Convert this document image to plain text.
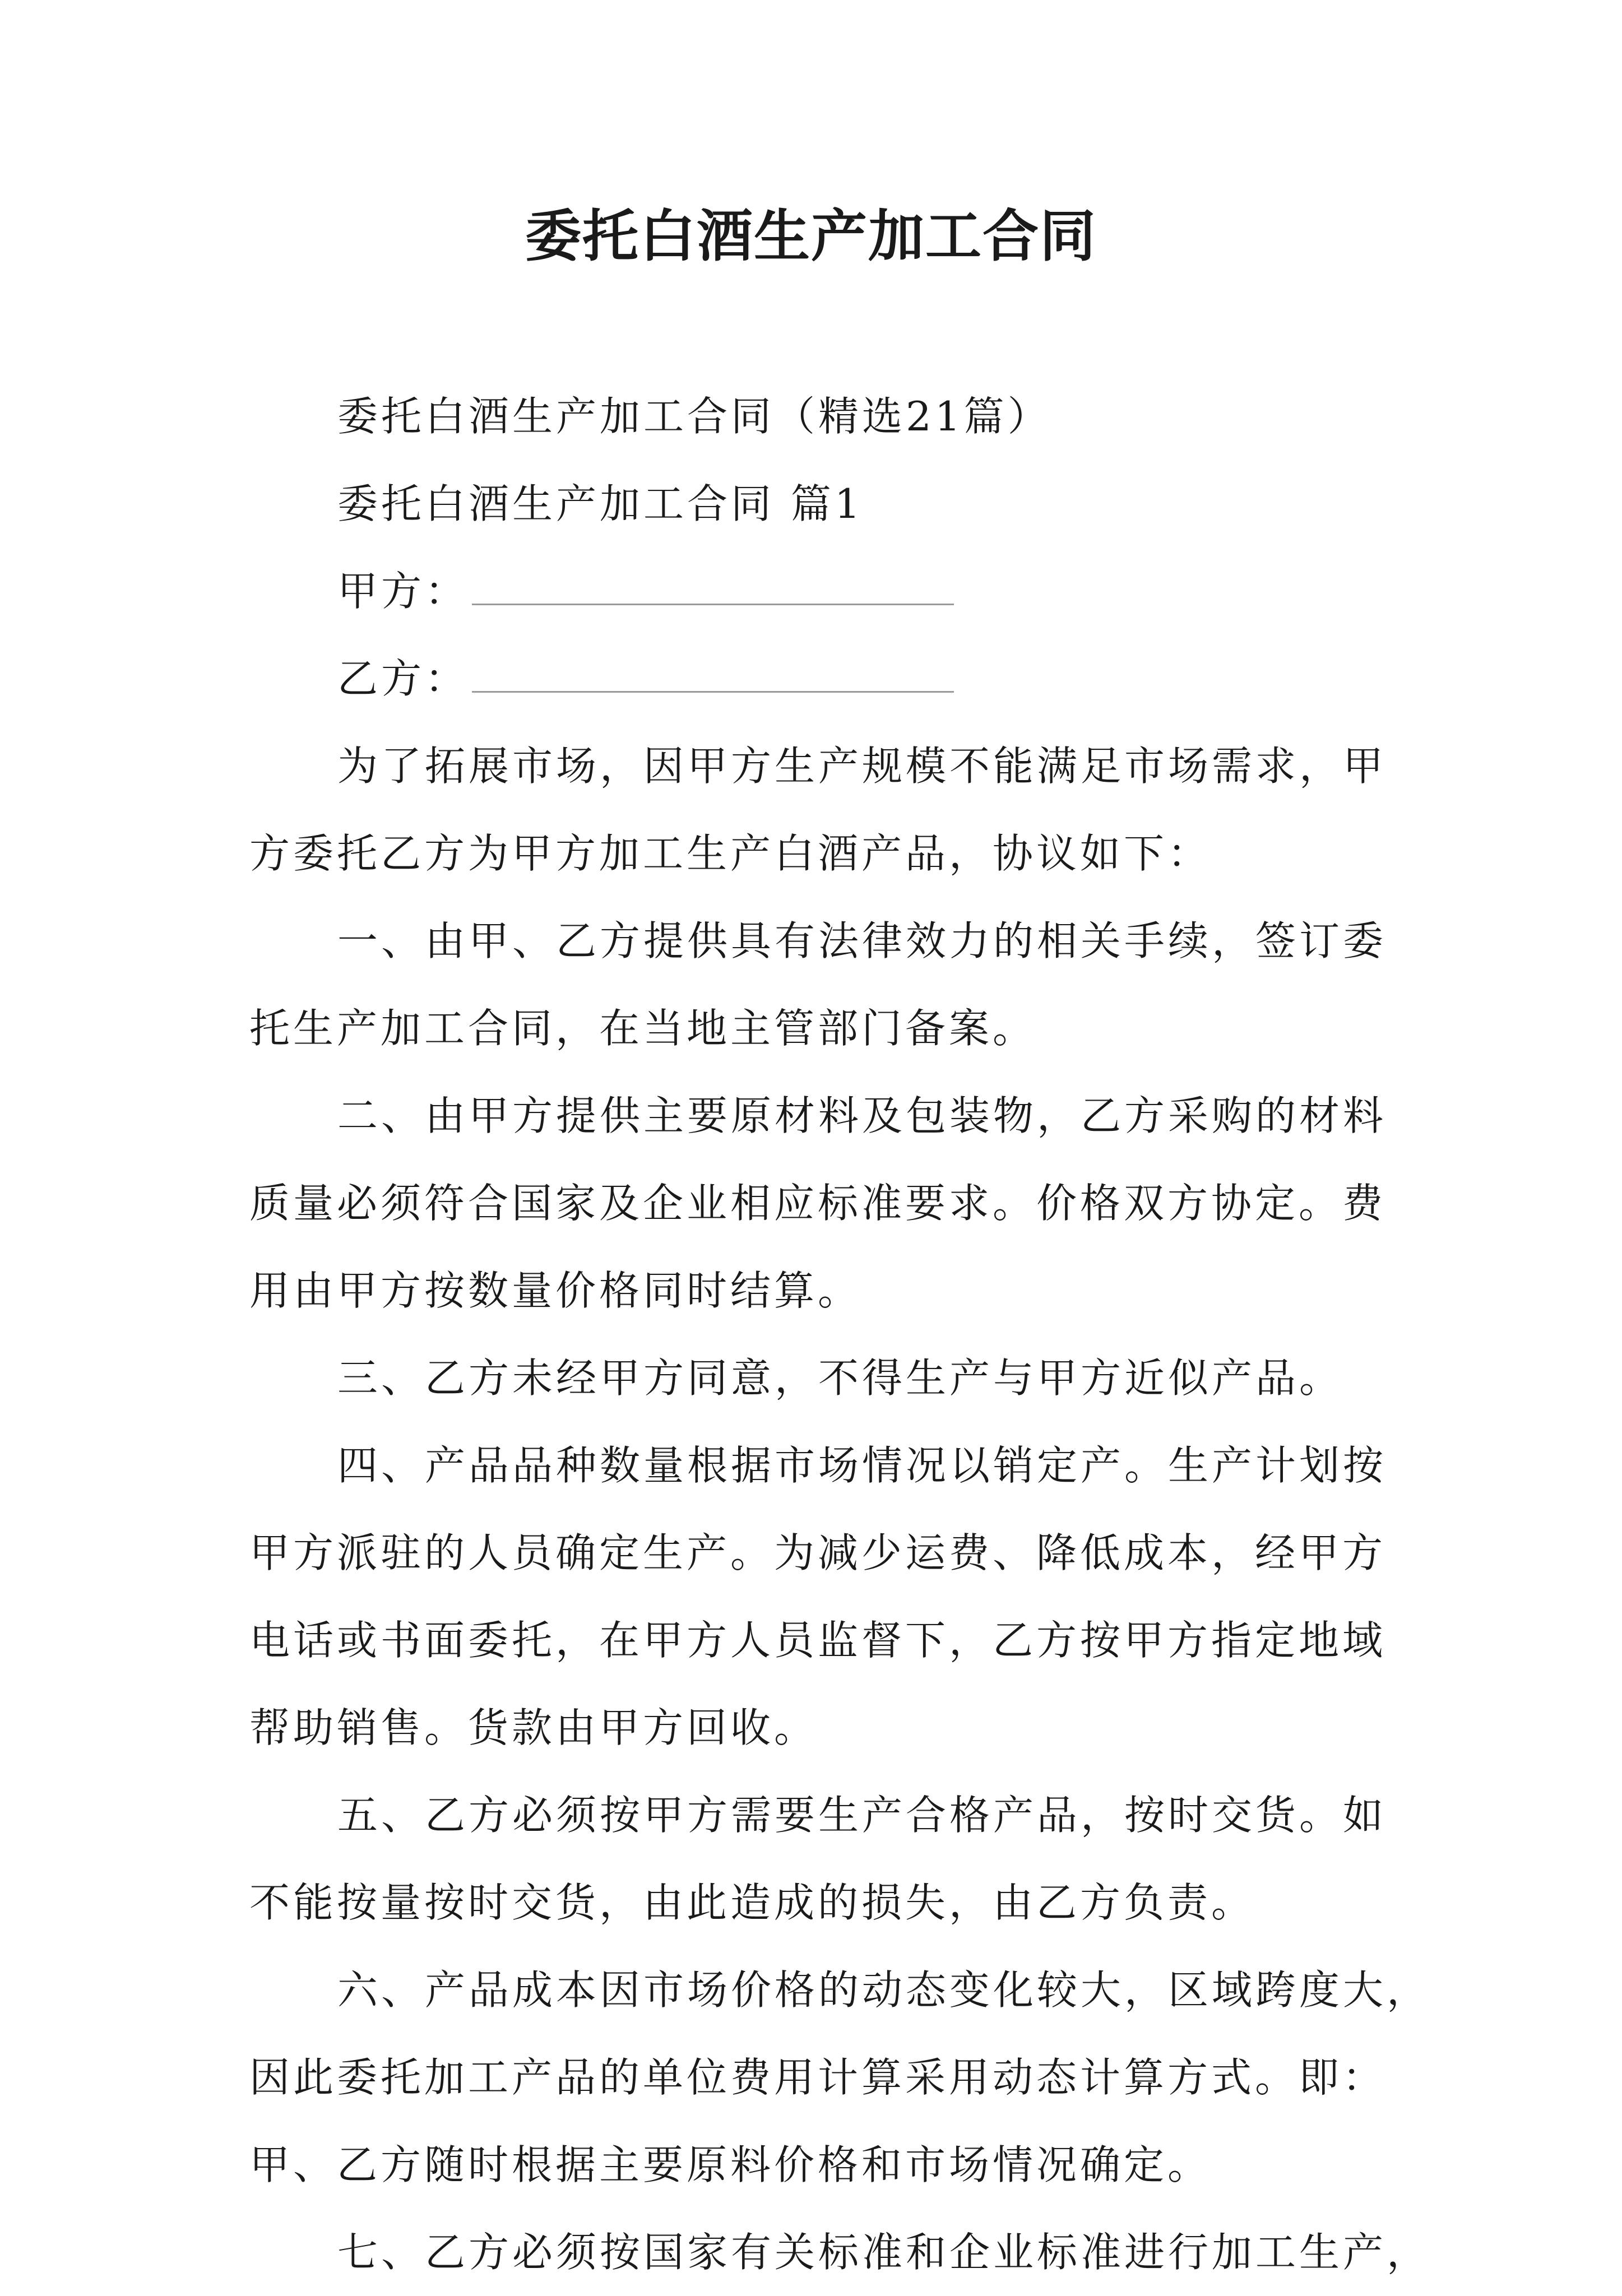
委托白酒生产加工合同
委托白酒生产加工合同（精选21篇）
委托白酒生产加工合同 篇1
甲方：
乙方：
为了拓展市场，因甲方生产规模不能满足市场需求，甲
方委托乙方为甲方加工生产白酒产品，协议如下：
一、由甲、乙方提供具有法律效力的相关手续，签订委
托生产加工合同，在当地主管部门备案。
二、由甲方提供主要原材料及包装物，乙方采购的材料
质量必须符合国家及企业相应标准要求。价格双方协定。费
用由甲方按数量价格同时结算。
三、乙方未经甲方同意，不得生产与甲方近似产品。
四、产品品种数量根据市场情况以销定产。生产计划按
甲方派驻的人员确定生产。为减少运费、降低成本，经甲方
电话或书面委托，在甲方人员监督下，乙方按甲方指定地域
帮助销售。货款由甲方回收。
五、乙方必须按甲方需要生产合格产品，按时交货。如
不能按量按时交货，由此造成的损失，由乙方负责。
六、产品成本因市场价格的动态变化较大，区域跨度大，
因此委托加工产品的单位费用计算采用动态计算方式。即：
甲、乙方随时根据主要原料价格和市场情况确定。
七、乙方必须按国家有关标准和企业标准进行加工生产，
